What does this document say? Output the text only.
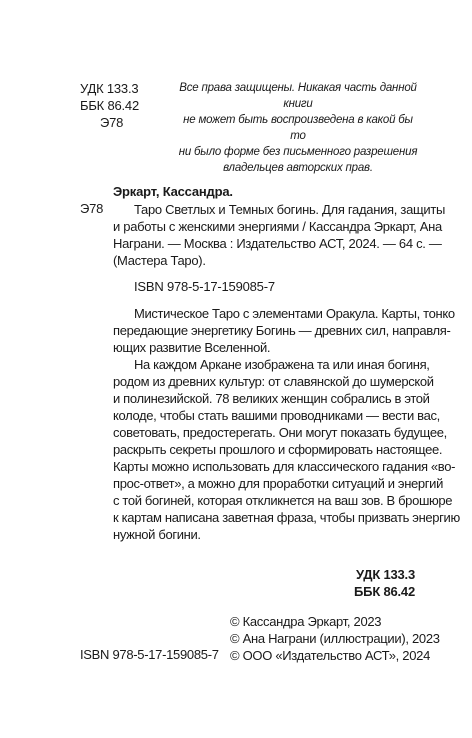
УДК 133.3
ББК 86.42
Э78
Все права защищены. Никакая часть данной книги
не может быть воспроизведена в какой бы то
ни было форме без письменного разрешения
владельцев авторских прав.
Эркарт, Кассандра.
Э78	Таро Светлых и Темных богинь. Для гадания, защиты
и работы с женскими энергиями / Кассандра Эркарт, Ана
Награни. — Москва : Издательство АСТ, 2024. — 64 с. —
(Мастера Таро).
ISBN 978-5-17-159085-7
Мистическое Таро с элементами Оракула. Карты, тонко
передающие энергетику Богинь — древних сил, направля-
ющих развитие Вселенной.
На каждом Аркане изображена та или иная богиня,
родом из древних культур: от славянской до шумерской
и полинезийской. 78 великих женщин собрались в этой
колоде, чтобы стать вашими проводниками — вести вас,
советовать, предостерегать. Они могут показать будущее,
раскрыть секреты прошлого и сформировать настоящее.
Карты можно использовать для классического гадания «во-
прос-ответ», а можно для проработки ситуаций и энергий
с той богиней, которая откликнется на ваш зов. В брошюре
к картам написана заветная фраза, чтобы призвать энергию
нужной богини.
УДК 133.3
ББК 86.42
© Кассандра Эркарт, 2023
© Ана Награни (иллюстрации), 2023
© ООО «Издательство АСТ», 2024
ISBN 978-5-17-159085-7
